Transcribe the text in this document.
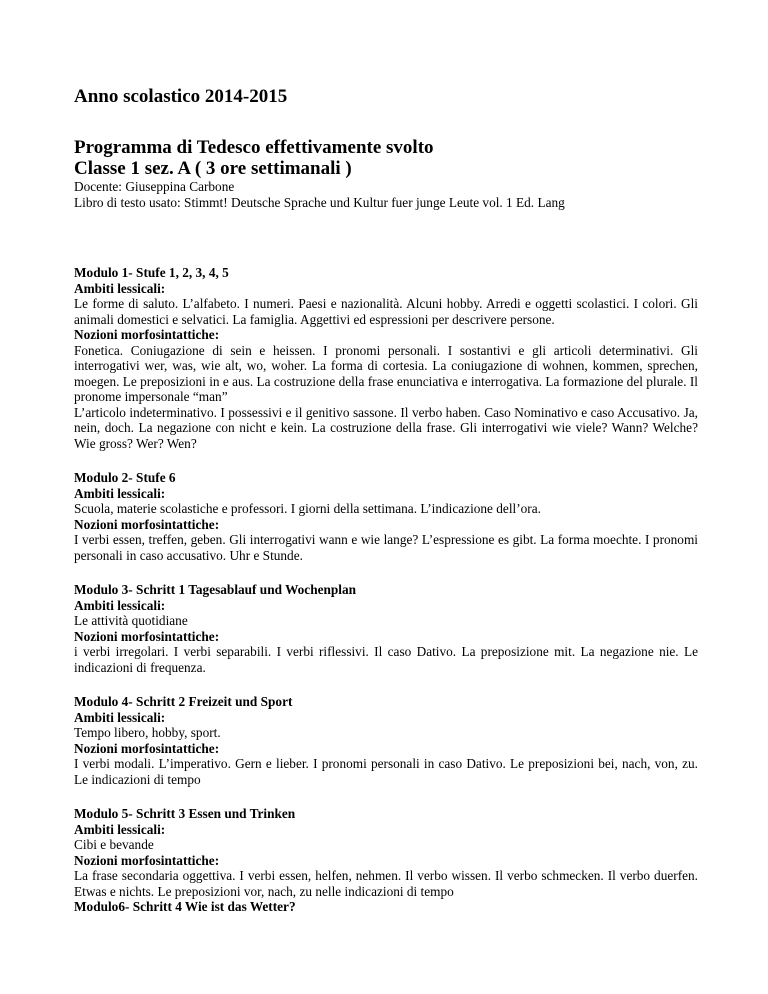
Anno scolastico 2014-2015
Programma di Tedesco effettivamente svolto
Classe 1 sez. A ( 3 ore settimanali )

Docente: Giuseppina Carbone

Libro di testo usato: Stimmt! Deutsche Sprache und Kultur fuer junge Leute vol. 1 Ed. Lang

Modulo 1- Stufe 1, 2, 3, 4, 5

Ambiti lessicali:

Le forme di saluto. L’alfabeto. I numeri. Paesi e nazionalità. Alcuni hobby. Arredi e oggetti scolastici. I colori. Gli animali domestici e selvatici. La famiglia. Aggettivi ed espressioni per descrivere persone.

Nozioni morfosintattiche:

Fonetica. Coniugazione di sein e heissen. I pronomi personali. I sostantivi e gli articoli determinativi. Gli interrogativi wer, was, wie alt, wo, woher. La forma di cortesia. La coniugazione di wohnen, kommen, sprechen, moegen. Le preposizioni in e aus. La costruzione della frase enunciativa e interrogativa. La formazione del plurale. Il pronome impersonale “man”

L’articolo indeterminativo. I possessivi e il genitivo sassone. Il verbo haben. Caso Nominativo e caso Accusativo. Ja, nein, doch. La negazione con nicht e kein. La costruzione della frase. Gli interrogativi wie viele? Wann? Welche? Wie gross? Wer? Wen?

Modulo 2- Stufe 6

Ambiti lessicali:

Scuola, materie scolastiche e professori. I giorni della settimana. L’indicazione dell’ora.

Nozioni morfosintattiche:

I verbi essen, treffen, geben. Gli interrogativi wann e wie lange? L’espressione es gibt. La forma moechte. I pronomi personali in caso accusativo. Uhr e Stunde.

Modulo 3- Schritt 1 Tagesablauf und Wochenplan

Ambiti lessicali:

Le attività quotidiane

Nozioni morfosintattiche:

i verbi irregolari. I verbi separabili. I verbi riflessivi. Il caso Dativo. La preposizione mit. La negazione nie. Le indicazioni di frequenza.

Modulo 4- Schritt 2 Freizeit und Sport

Ambiti lessicali:

Tempo libero, hobby, sport.

Nozioni morfosintattiche:

I verbi modali. L’imperativo. Gern e lieber. I pronomi personali in caso Dativo. Le preposizioni bei, nach, von, zu. Le indicazioni di tempo

Modulo 5- Schritt 3 Essen und Trinken

Ambiti lessicali:

Cibi e bevande

Nozioni morfosintattiche:

La frase secondaria oggettiva. I verbi essen, helfen, nehmen. Il verbo wissen. Il verbo schmecken. Il verbo duerfen. Etwas e nichts. Le preposizioni vor, nach, zu nelle indicazioni di tempo

Modulo6- Schritt 4 Wie ist das Wetter?
